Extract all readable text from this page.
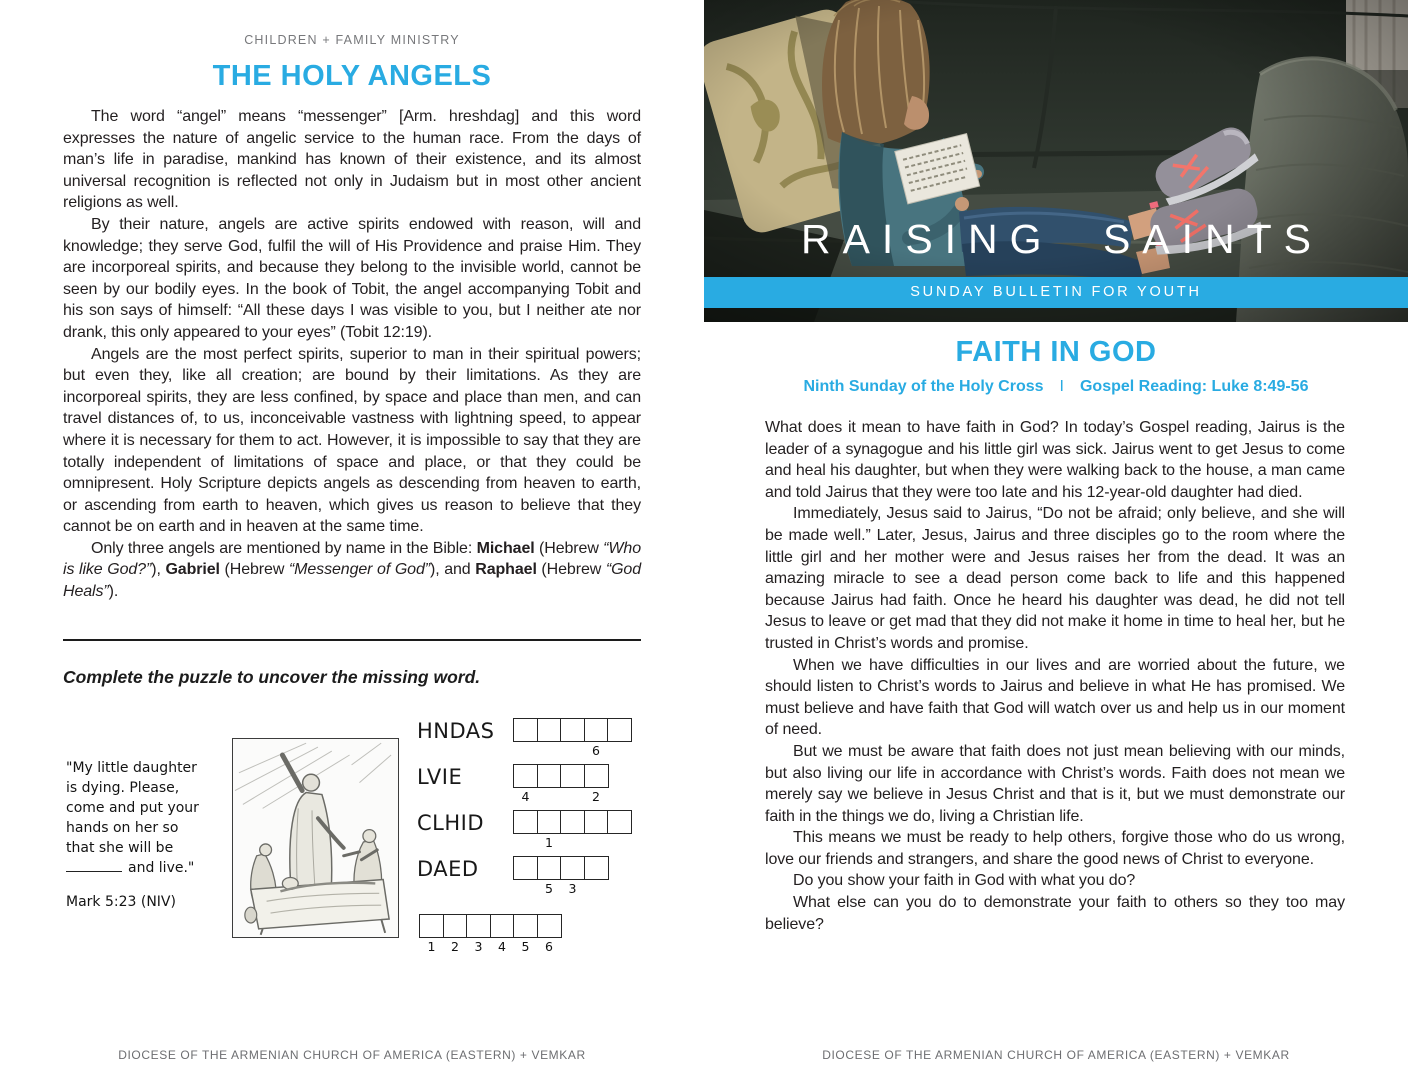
CHILDREN + FAMILY MINISTRY
THE HOLY ANGELS

The word “angel” means “messenger” [Arm. hreshdag] and this word expresses the nature of angelic service to the human race. From the days of man’s life in paradise, mankind has known of their existence, and its almost universal recognition is reflected not only in Judaism but in most other ancient religions as well.

By their nature, angels are active spirits endowed with reason, will and knowledge; they serve God, fulfil the will of His Providence and praise Him. They are incorporeal spirits, and because they belong to the invisible world, cannot be seen by our bodily eyes. In the book of Tobit, the angel accompanying Tobit and his son says of himself: “All these days I was visible to you, but I neither ate nor drank, this only appeared to your eyes” (Tobit 12:19).

Angels are the most perfect spirits, superior to man in their spiritual powers; but even they, like all creation; are bound by their limitations. As they are incorporeal spirits, they are less confined, by space and place than men, and can travel distances of, to us, inconceivable vastness with lightning speed, to appear where it is necessary for them to act. However, it is impossible to say that they are totally independent of limitations of space and place, or that they could be omnipresent. Holy Scripture depicts angels as descending from heaven to earth, or ascending from earth to heaven, which gives us reason to believe that they cannot be on earth and in heaven at the same time.

Only three angels are mentioned by name in the Bible: Michael (Hebrew “Who is like God?”), Gabriel (Hebrew “Messenger of God”), and Raphael (Hebrew “God Heals”).

Complete the puzzle to uncover the missing word.
"My little daughter
is dying. Please,
come and put your
hands on her so
that she will be
and live."
Mark 5:23 (NIV)
HNDAS

6

LVIE
4

	2
CLHID

1

DAED

5 3

1 2 3 4 5 6
DIOCESE OF THE ARMENIAN CHURCH OF AMERICA (EASTERN) + VEMKAR
RAISING SAINTS
SUNDAY BULLETIN FOR YOUTH
FAITH IN GOD
Ninth Sunday of the Holy Cross I Gospel Reading: Luke 8:49-56

What does it mean to have faith in God? In today’s Gospel reading, Jairus is the leader of a synagogue and his little girl was sick. Jairus went to get Jesus to come and heal his daughter, but when they were walking back to the house, a man came and told Jairus that they were too late and his 12-year-old daughter had died.

Immediately, Jesus said to Jairus, “Do not be afraid; only believe, and she will be made well.” Later, Jesus, Jairus and three disciples go to the room where the little girl and her mother were and Jesus raises her from the dead. It was an amazing miracle to see a dead person come back to life and this happened because Jairus had faith. Once he heard his daughter was dead, he did not tell Jesus to leave or get mad that they did not make it home in time to heal her, but he trusted in Christ’s words and promise.

When we have difficulties in our lives and are worried about the future, we should listen to Christ’s words to Jairus and believe in what He has promised. We must believe and have faith that God will watch over us and help us in our moment of need.

But we must be aware that faith does not just mean believing with our minds, but also living our life in accordance with Christ’s words. Faith does not mean we merely say we believe in Jesus Christ and that is it, but we must demonstrate our faith in the things we do, living a Christian life.

This means we must be ready to help others, forgive those who do us wrong, love our friends and strangers, and share the good news of Christ to everyone.

Do you show your faith in God with what you do?

What else can you do to demonstrate your faith to others so they too may believe?

DIOCESE OF THE ARMENIAN CHURCH OF AMERICA (EASTERN) + VEMKAR
